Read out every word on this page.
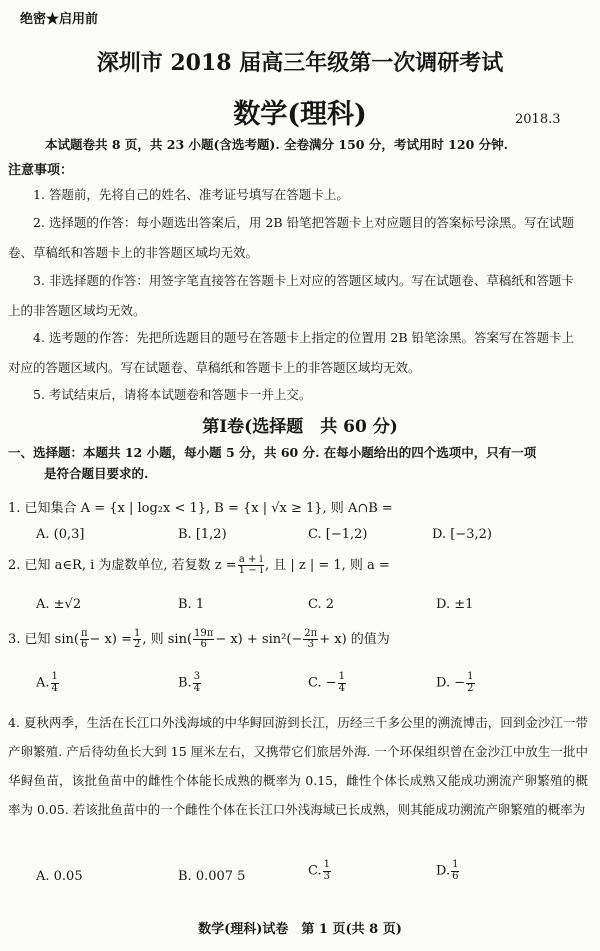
绝密★启用前
深圳市 2018 届高三年级第一次调研考试
数学(理科)	2018.3
本试题卷共 8 页，共 23 小题(含选考题). 全卷满分 150 分，考试用时 120 分钟.
注意事项：
1. 答题前，先将自己的姓名、准考证号填写在答题卡上。
2. 选择题的作答：每小题选出答案后，用 2B 铅笔把答题卡上对应题目的答案标号涂黑。写在试题卷、草稿纸和答题卡上的非答题区域均无效。
3. 非选择题的作答：用签字笔直接答在答题卡上对应的答题区域内。写在试题卷、草稿纸和答题卡上的非答题区域均无效。
4. 选考题的作答：先把所选题目的题号在答题卡上指定的位置用 2B 铅笔涂黑。答案写在答题卡上对应的答题区域内。写在试题卷、草稿纸和答题卡上的非答题区域均无效。
5. 考试结束后，请将本试题卷和答题卡一并上交。
第Ⅰ卷(选择题　共 60 分)
一、选择题：本题共 12 小题，每小题 5 分，共 60 分. 在每小题给出的四个选项中，只有一项
是符合题目要求的.
1. 已知集合 A = {x | log₂x < 1}, B = {x | √x ≥ 1}, 则 A∩B =
A. (0,3]	B. [1,2)	C. [−1,2)	D. [−3,2)
2. 已知 a∈R, i 为虚数单位, 若复数 $z = \frac{a + i}{1 - i}$ , 且 | z | = 1, 则 a =
A. ±√2	B. 1	C. 2	D. ±1
3. 已知 $\sin( \frac{\pi}{6} - x) = \frac{1}{2}$ , 则 $\sin( \frac{19\pi}{6} - x) + \sin^2(- \frac{2\pi}{3} + x)$ 的值为
A. $\frac{1}{4}$	B. $\frac{3}{4}$	C. − $\frac{1}{4}$	D. − $\frac{1}{2}$
4. 夏秋两季，生活在长江口外浅海域的中华鲟回游到长江，历经三千多公里的溯流博击，回到金沙江一带产卵繁殖. 产后待幼鱼长大到 15 厘米左右，又携带它们旅居外海. 一个环保组织曾在金沙江中放生一批中华鲟鱼苗，该批鱼苗中的雌性个体能长成熟的概率为 0.15，雌性个体长成熟又能成功溯流产卵繁殖的概率为 0.05. 若该批鱼苗中的一个雌性个体在长江口外浅海域已长成熟，则其能成功溯流产卵繁殖的概率为
A. 0.05	B. 0.007 5	C. $\frac{1}{3}$	D. $\frac{1}{6}$
数学(理科)试卷　第 1 页(共 8 页)
